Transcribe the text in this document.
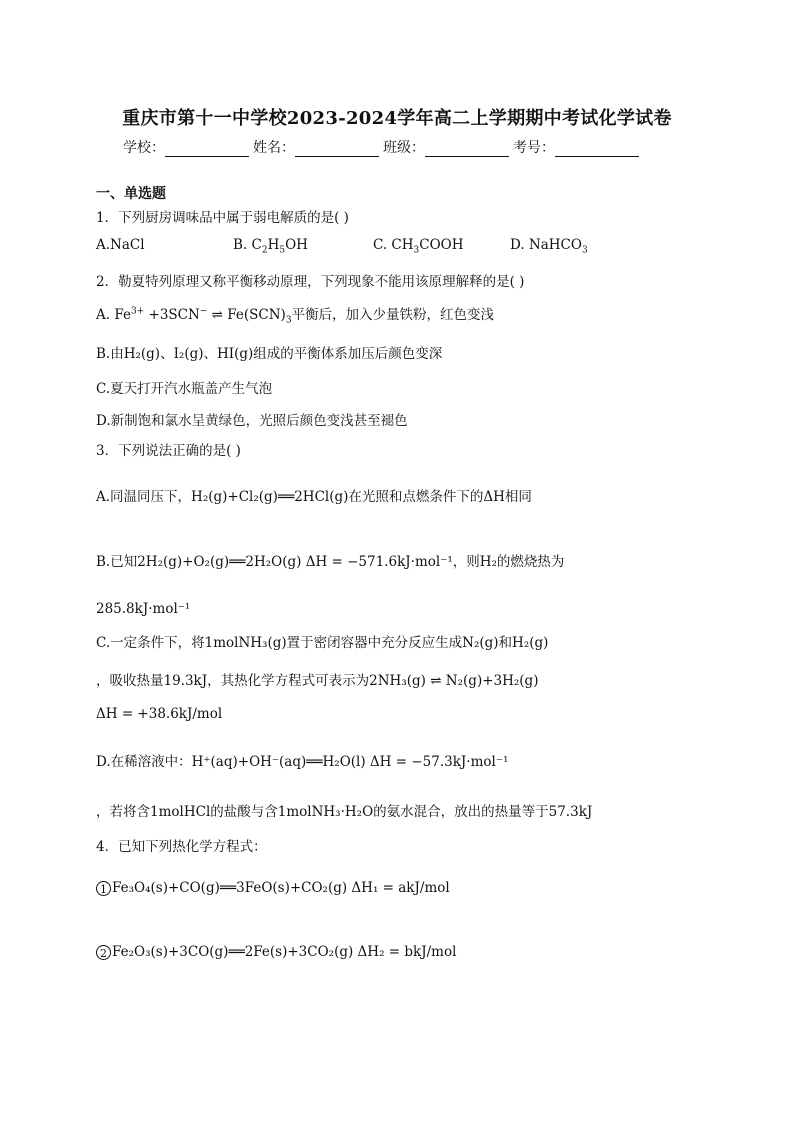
重庆市第十一中学校2023-2024学年高二上学期期中考试化学试卷
学校：	姓名：	班级：	考号：
一、单选题
1．下列厨房调味品中属于弱电解质的是( )
A.NaCl	B. $C_2H_5OH$	C. $CH_3COOH$	D. NaHCO$_3$
2．勒夏特列原理又称平衡移动原理，下列现象不能用该原理解释的是( )
A. $Fe^{3+} +3SCN^-$ ⇌ $Fe(SCN)_3$平衡后，加入少量铁粉，红色变浅
B.由H₂(g)、I₂(g)、HI(g)组成的平衡体系加压后颜色变深
C.夏天打开汽水瓶盖产生气泡
D.新制饱和氯水呈黄绿色，光照后颜色变浅甚至褪色
3．下列说法正确的是( )
A.同温同压下，H₂(g)+Cl₂(g)══2HCl(g)在光照和点燃条件下的ΔH相同
B.已知2H₂(g)+O₂(g)══2H₂O(g) ΔH = −571.6kJ·mol⁻¹，则H₂的燃烧热为
285.8kJ·mol⁻¹
C.一定条件下，将1molNH₃(g)置于密闭容器中充分反应生成N₂(g)和H₂(g)
，吸收热量19.3kJ，其热化学方程式可表示为2NH₃(g) ⇌ N₂(g)+3H₂(g)
ΔH = +38.6kJ/mol
D.在稀溶液中：H⁺(aq)+OH⁻(aq)══H₂O(l) ΔH = −57.3kJ·mol⁻¹
，若将含1molHCl的盐酸与含1molNH₃·H₂O的氨水混合，放出的热量等于57.3kJ
4．已知下列热化学方程式：
1 Fe₃O₄(s)+CO(g)══3FeO(s)+CO₂(g) ΔH₁ = akJ/mol
2 Fe₂O₃(s)+3CO(g)══2Fe(s)+3CO₂(g) ΔH₂ = bkJ/mol
